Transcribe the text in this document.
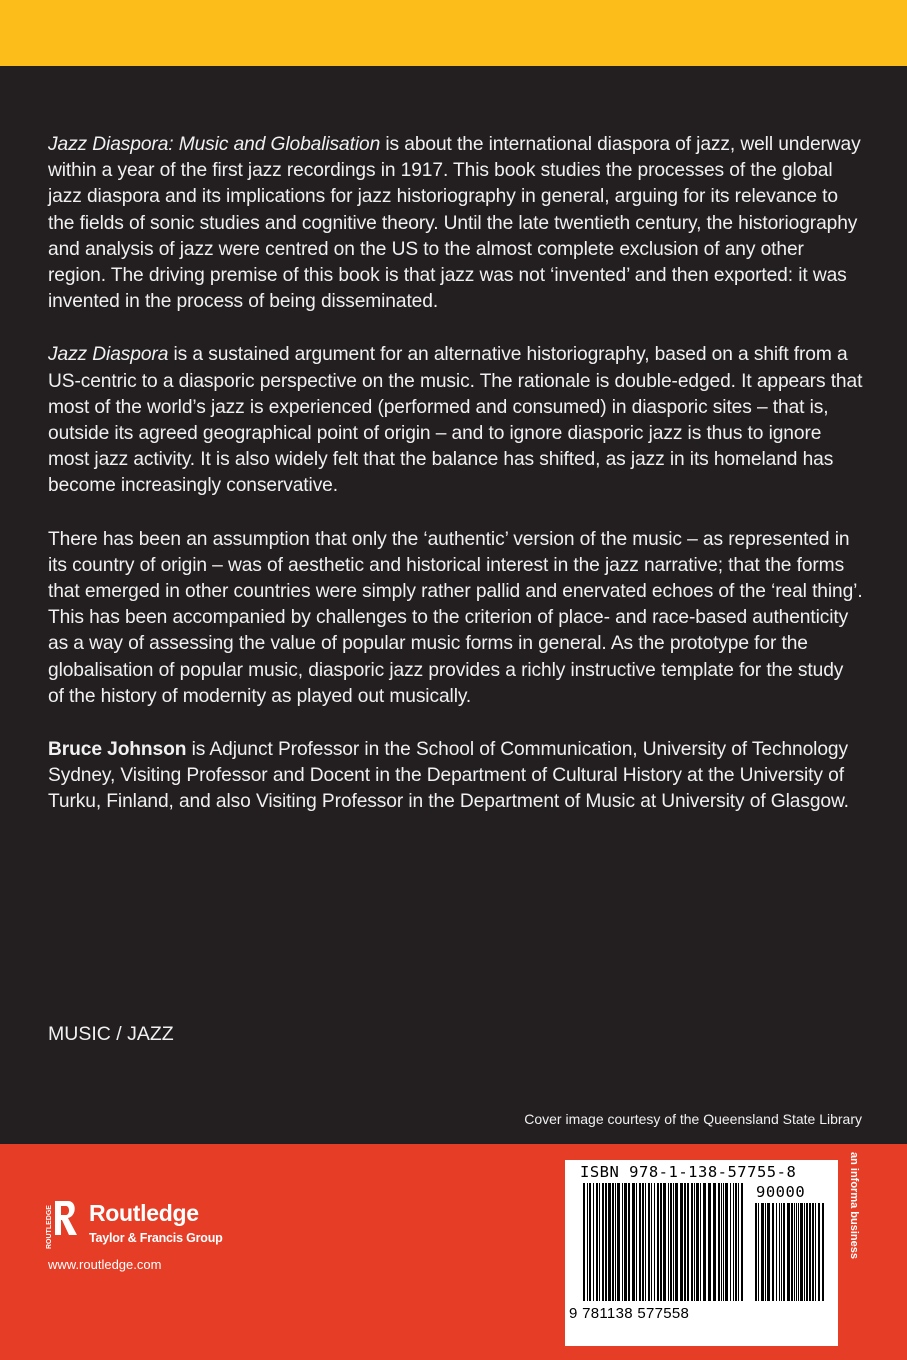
Jazz Diaspora: Music and Globalisation is about the international diaspora of jazz, well underway within a year of the first jazz recordings in 1917. This book studies the processes of the global jazz diaspora and its implications for jazz historiography in general, arguing for its relevance to the fields of sonic studies and cognitive theory. Until the late twentieth century, the historiography and analysis of jazz were centred on the US to the almost complete exclusion of any other region. The driving premise of this book is that jazz was not ‘invented’ and then exported: it was invented in the process of being disseminated.

Jazz Diaspora is a sustained argument for an alternative historiography, based on a shift from a US-centric to a diasporic perspective on the music. The rationale is double-edged. It appears that most of the world’s jazz is experienced (performed and consumed) in diasporic sites – that is, outside its agreed geographical point of origin – and to ignore diasporic jazz is thus to ignore most jazz activity. It is also widely felt that the balance has shifted, as jazz in its homeland has become increasingly conservative.

There has been an assumption that only the ‘authentic’ version of the music – as represented in its country of origin – was of aesthetic and historical interest in the jazz narrative; that the forms that emerged in other countries were simply rather pallid and enervated echoes of the ‘real thing’. This has been accompanied by challenges to the criterion of place- and race-based authenticity as a way of assessing the value of popular music forms in general. As the prototype for the globalisation of popular music, diasporic jazz provides a richly instructive template for the study of the history of modernity as played out musically.

Bruce Johnson is Adjunct Professor in the School of Communication, University of Technology Sydney, Visiting Professor and Docent in the Department of Cultural History at the University of Turku, Finland, and also Visiting Professor in the Department of Music at University of Glasgow.

MUSIC / JAZZ
Cover image courtesy of the Queensland State Library
ROUTLEDGE Routledge
Taylor & Francis Group
www.routledge.com
ISBN 978-1-138-57755-8
90000
9 781138 577558
an informa business
